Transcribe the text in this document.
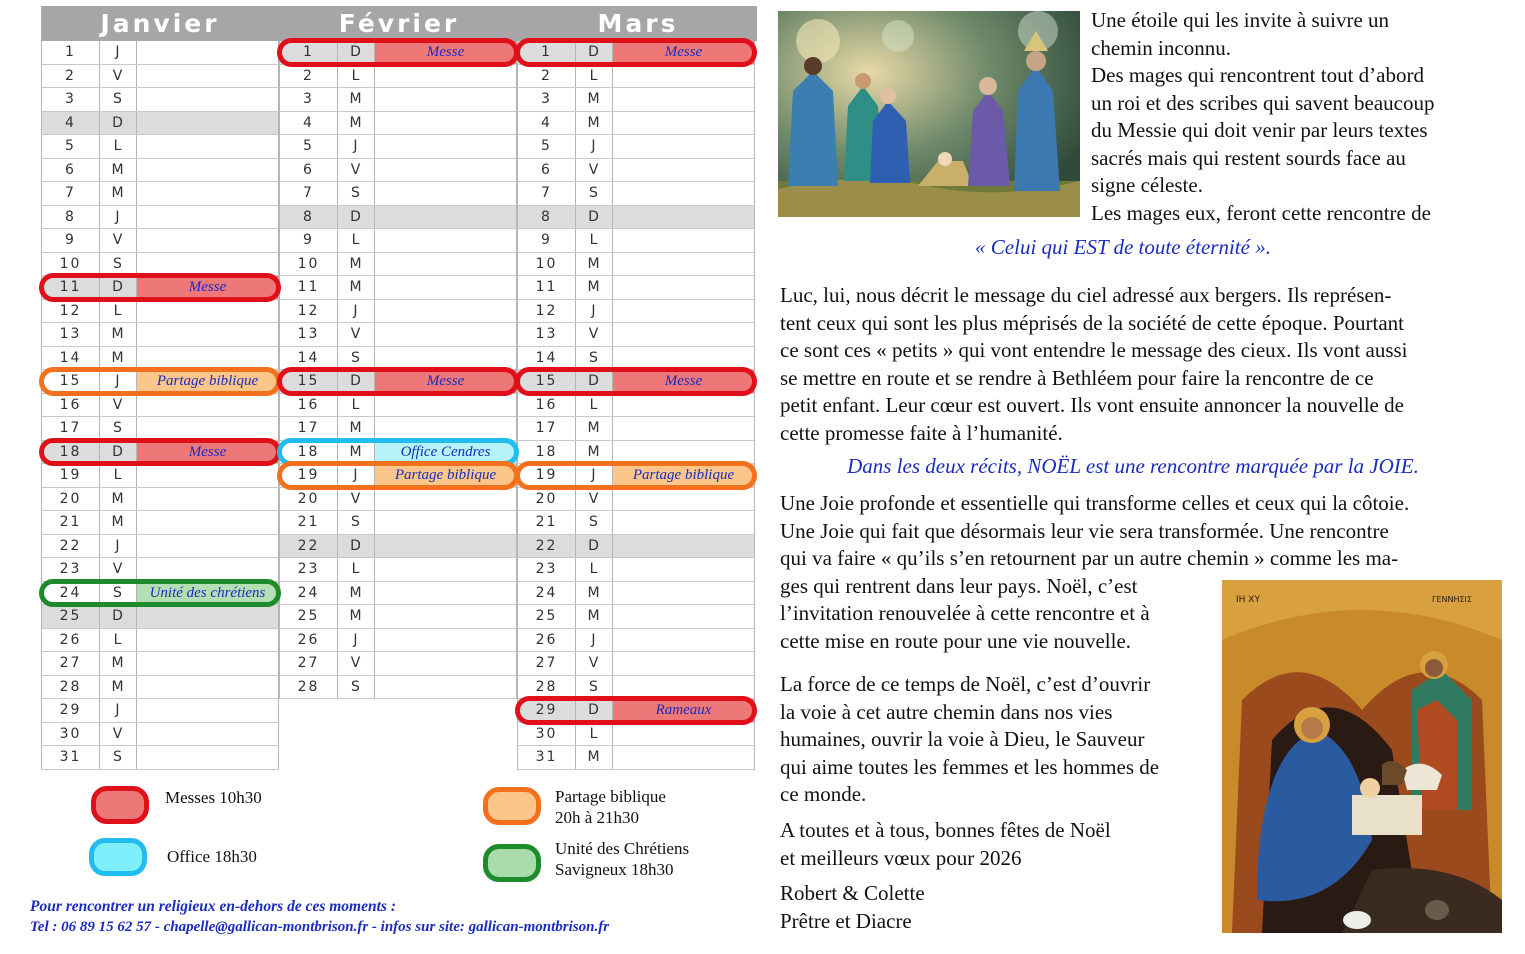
Janvier	Février	Mars
1	J
2	V
3	S
4	D
5	L
6	M
7	M
8	J
9	V
10	S
11	D	Messe
12	L
13	M
14	M
15	J	Partage biblique
16	V
17	S
18	D	Messe
19	L
20	M
21	M
22	J
23	V
24	S	Unité des chrétiens
25	D
26	L
27	M
28	M
29	J
30	V
31	S
1	D	Messe
2	L
3	M
4	M
5	J
6	V
7	S
8	D
9	L
10	M
11	M
12	J
13	V
14	S
15	D	Messe
16	L
17	M
18	M	Office Cendres
19	J	Partage biblique
20	V
21	S
22	D
23	L
24	M
25	M
26	J
27	V
28	S
1	D	Messe
2	L
3	M
4	M
5	J
6	V
7	S
8	D
9	L
10	M
11	M
12	J
13	V
14	S
15	D	Messe
16	L
17	M
18	M
19	J	Partage biblique
20	V
21	S
22	D
23	L
24	M
25	M
26	J
27	V
28	S
29	D	Rameaux
30	L
31	M
Messes 10h30
Office 18h30
Partage biblique
20h à 21h30
Unité des Chrétiens
Savigneux 18h30
Pour rencontrer un religieux en-dehors de ces moments :
Tel : 06 89 15 62 57 - chapelle@gallican-montbrison.fr - infos sur site: gallican-montbrison.fr
Une étoile qui les invite à suivre un
chemin inconnu.
Des mages qui rencontrent tout d’abord
un roi et des scribes qui savent beaucoup
du Messie qui doit venir par leurs textes
sacrés mais qui restent sourds face au
signe céleste.
Les mages eux, feront cette rencontre de
« Celui qui EST de toute éternité ».
Luc, lui, nous décrit le message du ciel adressé aux bergers. Ils représen-
tent ceux qui sont les plus méprisés de la société de cette époque. Pourtant
ce sont ces « petits » qui vont entendre le message des cieux. Ils vont aussi
se mettre en route et se rendre à Bethléem pour faire la rencontre de ce
petit enfant. Leur cœur est ouvert. Ils vont ensuite annoncer la nouvelle de
cette promesse faite à l’humanité.
Dans les deux récits, NOËL est une rencontre marquée par la JOIE.
Une Joie profonde et essentielle qui transforme celles et ceux qui la côtoie.
Une Joie qui fait que désormais leur vie sera transformée. Une rencontre
qui va faire « qu’ils s’en retournent par un autre chemin » comme les ma-
ges qui rentrent dans leur pays. Noël, c’est
l’invitation renouvelée à cette rencontre et à
cette mise en route pour une vie nouvelle.
La force de ce temps de Noël, c’est d’ouvrir
la voie à cet autre chemin dans nos vies
humaines, ouvrir la voie à Dieu, le Sauveur
qui aime toutes les femmes et les hommes de
ce monde.
A toutes et à tous, bonnes fêtes de Noël
et meilleurs vœux pour 2026
Robert & Colette
Prêtre et Diacre
IH XY	ΓΕΝΝΗΣΙΣ
